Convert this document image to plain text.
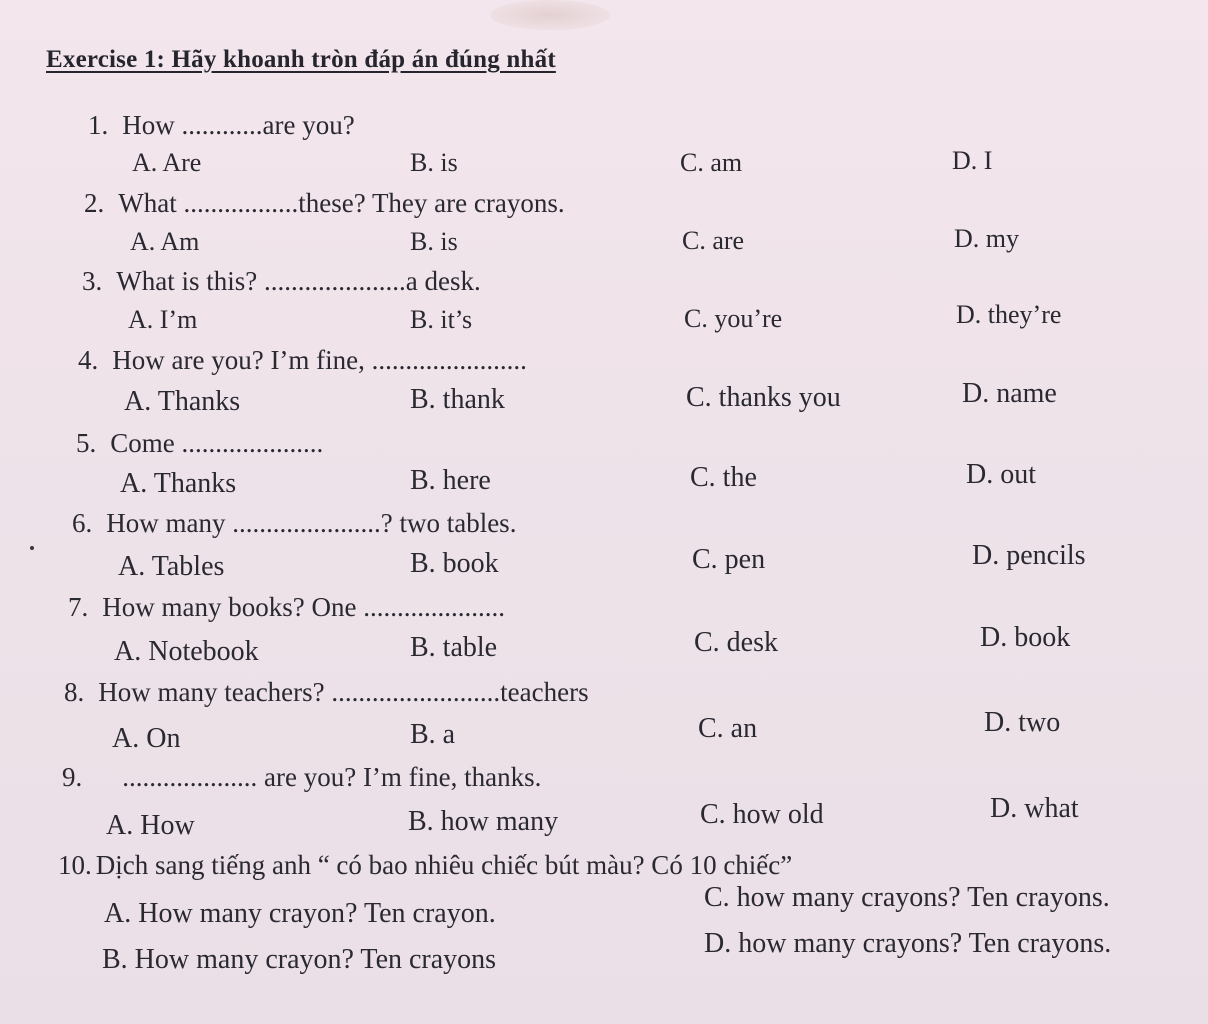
Exercise 1: Hãy khoanh tròn đáp án đúng nhất
1. How ............are you?
A. Are	B. is	C. am	D. I
2. What .................these? They are crayons.
A. Am	B. is	C. are	D. my
3. What is this? .....................a desk.
A. I’m	B. it’s	C. you’re	D. they’re
4. How are you? I’m fine, .......................
A. Thanks	B. thank	C. thanks you	D. name
5. Come .....................
A. Thanks	B. here	C. the	D. out
6. How many ......................? two tables.
A. Tables	B. book	C. pen	D. pencils
7. How many books? One .....................
A. Notebook	B. table	C. desk	D. book
8. How many teachers? .........................teachers
A. On	B. a	C. an	D. two
9. .................... are you? I’m fine, thanks.
A. How	B. how many	C. how old	D. what
10. Dịch sang tiếng anh “ có bao nhiêu chiếc bút màu? Có 10 chiếc”
A. How many crayon? Ten crayon.
B. How many crayon? Ten crayons
C. how many crayons? Ten crayons.
D. how many crayons? Ten crayons.
